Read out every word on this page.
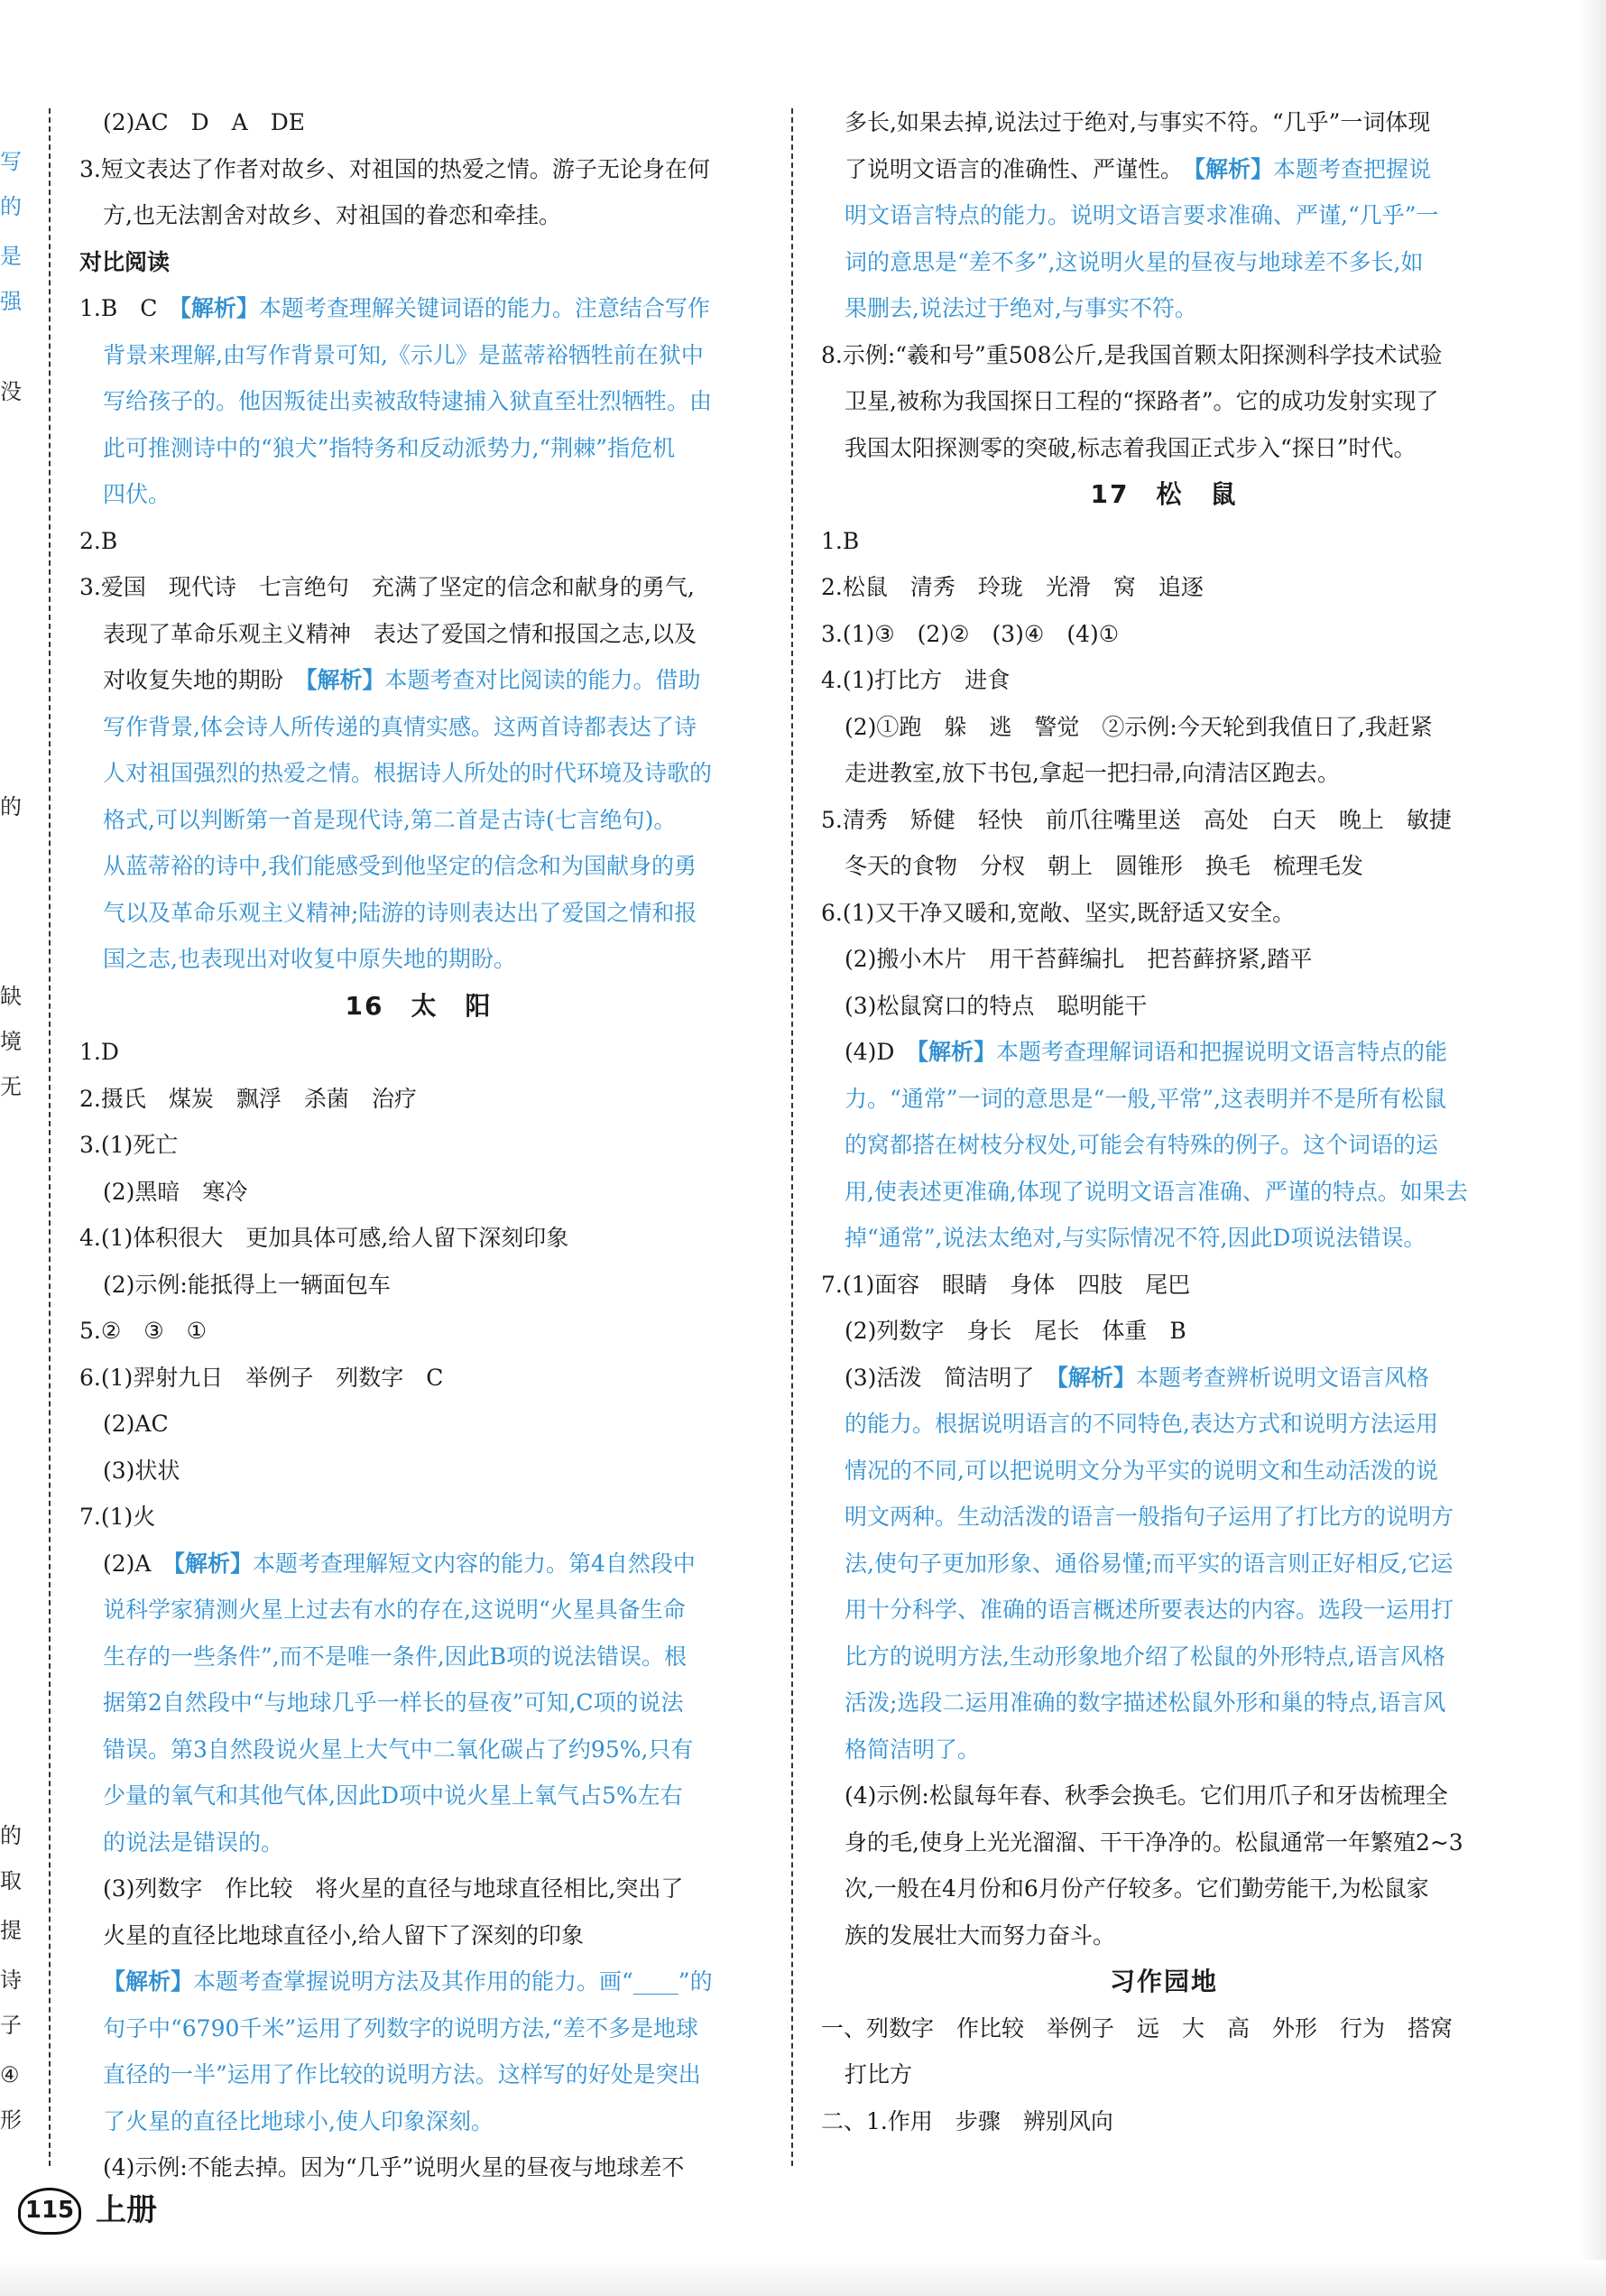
写
的
是
强
没
的
缺
境
无
的
取
提
诗
子
④
形
(2)AC　D　A　DE
3.短文表达了作者对故乡、对祖国的热爱之情。游子无论身在何
方,也无法割舍对故乡、对祖国的眷恋和牵挂。
对比阅读
1.B　C　【解析】本题考查理解关键词语的能力。注意结合写作
背景来理解,由写作背景可知,《示儿》是蓝蒂裕牺牲前在狱中
写给孩子的。他因叛徒出卖被敌特逮捕入狱直至壮烈牺牲。由
此可推测诗中的“狼犬”指特务和反动派势力,“荆棘”指危机
四伏。
2.B
3.爱国　现代诗　七言绝句　充满了坚定的信念和献身的勇气,
表现了革命乐观主义精神　表达了爱国之情和报国之志,以及
对收复失地的期盼　【解析】本题考查对比阅读的能力。借助
写作背景,体会诗人所传递的真情实感。这两首诗都表达了诗
人对祖国强烈的热爱之情。根据诗人所处的时代环境及诗歌的
格式,可以判断第一首是现代诗,第二首是古诗(七言绝句)。
从蓝蒂裕的诗中,我们能感受到他坚定的信念和为国献身的勇
气以及革命乐观主义精神;陆游的诗则表达出了爱国之情和报
国之志,也表现出对收复中原失地的期盼。
16　太　阳
1.D
2.摄氏　煤炭　飘浮　杀菌　治疗
3.(1)死亡
(2)黑暗　寒冷
4.(1)体积很大　更加具体可感,给人留下深刻印象
(2)示例:能抵得上一辆面包车
5.②　③　①
6.(1)羿射九日　举例子　列数字　C
(2)AC
(3)状状
7.(1)火
(2)A　【解析】本题考查理解短文内容的能力。第4自然段中
说科学家猜测火星上过去有水的存在,这说明“火星具备生命
生存的一些条件”,而不是唯一条件,因此B项的说法错误。根
据第2自然段中“与地球几乎一样长的昼夜”可知,C项的说法
错误。第3自然段说火星上大气中二氧化碳占了约95%,只有
少量的氧气和其他气体,因此D项中说火星上氧气占5%左右
的说法是错误的。
(3)列数字　作比较　将火星的直径与地球直径相比,突出了
火星的直径比地球直径小,给人留下了深刻的印象
【解析】本题考查掌握说明方法及其作用的能力。画“____”的
句子中“6790千米”运用了列数字的说明方法,“差不多是地球
直径的一半”运用了作比较的说明方法。这样写的好处是突出
了火星的直径比地球小,使人印象深刻。
(4)示例:不能去掉。因为“几乎”说明火星的昼夜与地球差不
多长,如果去掉,说法过于绝对,与事实不符。“几乎”一词体现
了说明文语言的准确性、严谨性。　【解析】本题考查把握说
明文语言特点的能力。说明文语言要求准确、严谨,“几乎”一
词的意思是“差不多”,这说明火星的昼夜与地球差不多长,如
果删去,说法过于绝对,与事实不符。
8.示例:“羲和号”重508公斤,是我国首颗太阳探测科学技术试验
卫星,被称为我国探日工程的“探路者”。它的成功发射实现了
我国太阳探测零的突破,标志着我国正式步入“探日”时代。
17　松　鼠
1.B
2.松鼠　清秀　玲珑　光滑　窝　追逐
3.(1)③　(2)②　(3)④　(4)①
4.(1)打比方　进食
(2)①跑　躲　逃　警觉　②示例:今天轮到我值日了,我赶紧
走进教室,放下书包,拿起一把扫帚,向清洁区跑去。
5.清秀　矫健　轻快　前爪往嘴里送　高处　白天　晚上　敏捷
冬天的食物　分杈　朝上　圆锥形　换毛　梳理毛发
6.(1)又干净又暖和,宽敞、坚实,既舒适又安全。
(2)搬小木片　用干苔藓编扎　把苔藓挤紧,踏平
(3)松鼠窝口的特点　聪明能干
(4)D　【解析】本题考查理解词语和把握说明文语言特点的能
力。“通常”一词的意思是“一般,平常”,这表明并不是所有松鼠
的窝都搭在树枝分杈处,可能会有特殊的例子。这个词语的运
用,使表述更准确,体现了说明文语言准确、严谨的特点。如果去
掉“通常”,说法太绝对,与实际情况不符,因此D项说法错误。
7.(1)面容　眼睛　身体　四肢　尾巴
(2)列数字　身长　尾长　体重　B
(3)活泼　简洁明了　【解析】本题考查辨析说明文语言风格
的能力。根据说明语言的不同特色,表达方式和说明方法运用
情况的不同,可以把说明文分为平实的说明文和生动活泼的说
明文两种。生动活泼的语言一般指句子运用了打比方的说明方
法,使句子更加形象、通俗易懂;而平实的语言则正好相反,它运
用十分科学、准确的语言概述所要表达的内容。选段一运用打
比方的说明方法,生动形象地介绍了松鼠的外形特点,语言风格
活泼;选段二运用准确的数字描述松鼠外形和巢的特点,语言风
格简洁明了。
(4)示例:松鼠每年春、秋季会换毛。它们用爪子和牙齿梳理全
身的毛,使身上光光溜溜、干干净净的。松鼠通常一年繁殖2~3
次,一般在4月份和6月份产仔较多。它们勤劳能干,为松鼠家
族的发展壮大而努力奋斗。
习作园地
一、列数字　作比较　举例子　远　大　高　外形　行为　搭窝
打比方
二、1.作用　步骤　辨别风向
115 上册
